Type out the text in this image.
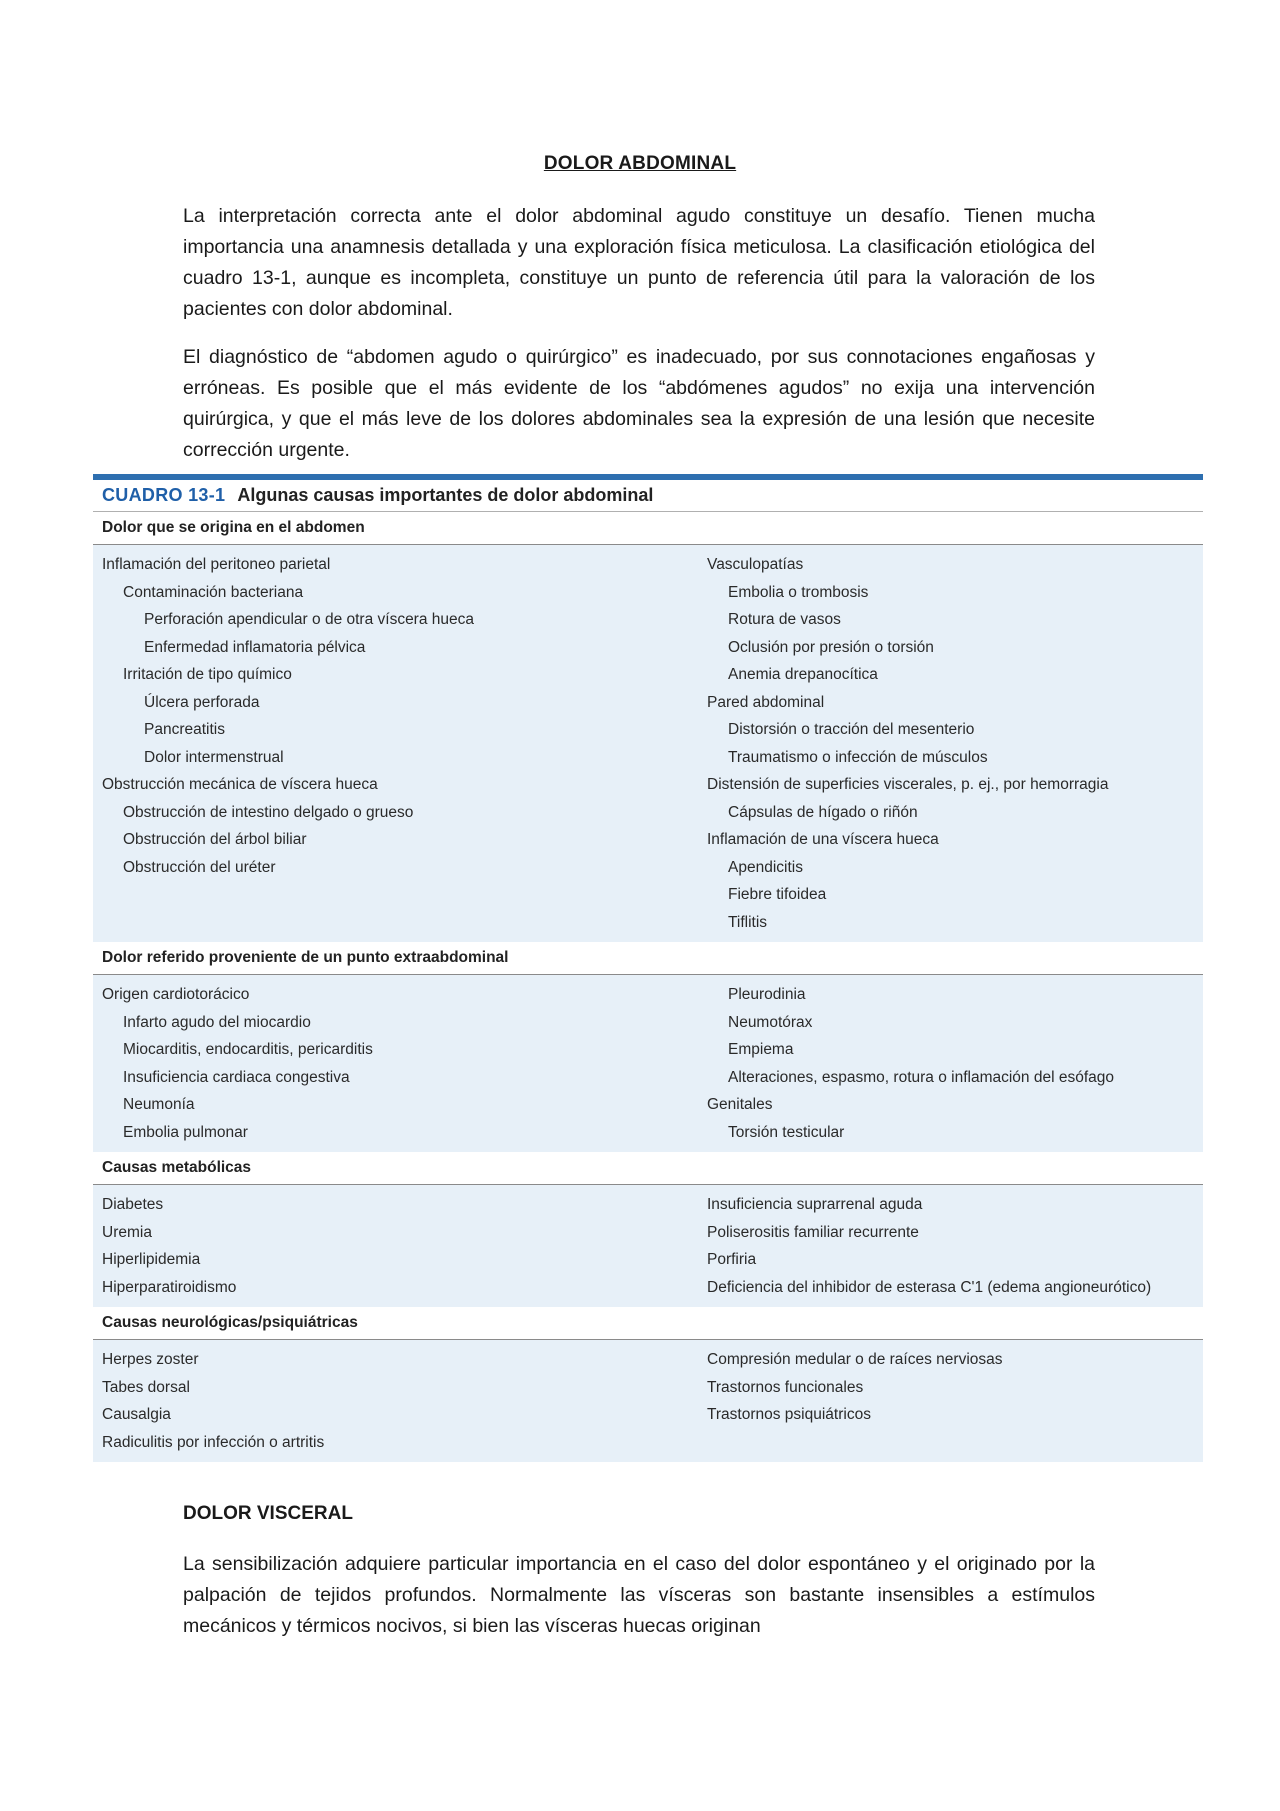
DOLOR ABDOMINAL

La interpretación correcta ante el dolor abdominal agudo constituye un desafío. Tienen mucha importancia una anamnesis detallada y una exploración física meticulosa. La clasificación etiológica del cuadro 13-1, aunque es incompleta, constituye un punto de referencia útil para la valoración de los pacientes con dolor abdominal.

El diagnóstico de “abdomen agudo o quirúrgico” es inadecuado, por sus connotaciones engañosas y erróneas. Es posible que el más evidente de los “abdómenes agudos” no exija una intervención quirúrgica, y que el más leve de los dolores abdominales sea la expresión de una lesión que necesite corrección urgente.

CUADRO 13-1 Algunas causas importantes de dolor abdominal
Dolor que se origina en el abdomen
Inflamación del peritoneo parietal
Contaminación bacteriana
Perforación apendicular o de otra víscera hueca
Enfermedad inflamatoria pélvica
Irritación de tipo químico
Úlcera perforada
Pancreatitis
Dolor intermenstrual
Obstrucción mecánica de víscera hueca
Obstrucción de intestino delgado o grueso
Obstrucción del árbol biliar
Obstrucción del uréter
Vasculopatías
Embolia o trombosis
Rotura de vasos
Oclusión por presión o torsión
Anemia drepanocítica
Pared abdominal
Distorsión o tracción del mesenterio
Traumatismo o infección de músculos
Distensión de superficies viscerales, p. ej., por hemorragia
Cápsulas de hígado o riñón
Inflamación de una víscera hueca
Apendicitis
Fiebre tifoidea
Tiflitis
Dolor referido proveniente de un punto extraabdominal
Origen cardiotorácico
Infarto agudo del miocardio
Miocarditis, endocarditis, pericarditis
Insuficiencia cardiaca congestiva
Neumonía
Embolia pulmonar
Pleurodinia
Neumotórax
Empiema
Alteraciones, espasmo, rotura o inflamación del esófago
Genitales
Torsión testicular
Causas metabólicas
Diabetes
Uremia
Hiperlipidemia
Hiperparatiroidismo
Insuficiencia suprarrenal aguda
Poliserositis familiar recurrente
Porfiria
Deficiencia del inhibidor de esterasa C'1 (edema angioneurótico)
Causas neurológicas/psiquiátricas
Herpes zoster
Tabes dorsal
Causalgia
Radiculitis por infección o artritis
Compresión medular o de raíces nerviosas
Trastornos funcionales
Trastornos psiquiátricos
DOLOR VISCERAL

La sensibilización adquiere particular importancia en el caso del dolor espontáneo y el originado por la palpación de tejidos profundos. Normalmente las vísceras son bastante insensibles a estímulos mecánicos y térmicos nocivos, si bien las vísceras huecas originan
